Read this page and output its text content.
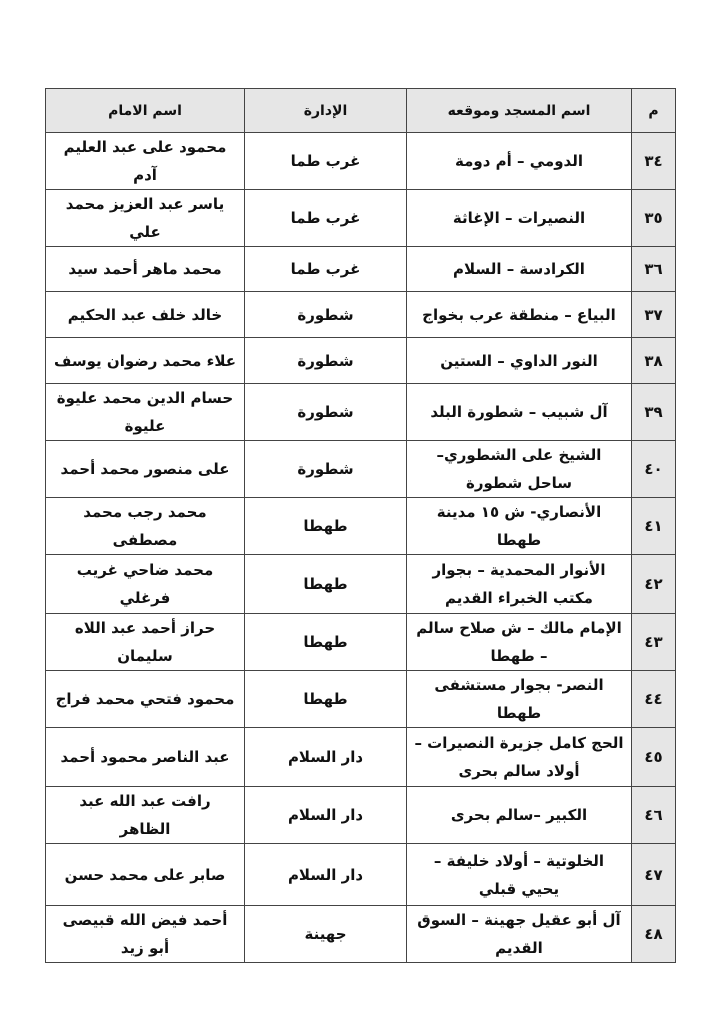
م	اسم المسجد وموقعه	الإدارة	اسم الامام
٣٤	الدومي – أم دومة	غرب طما	محمود على عبد العليم آدم
٣٥	النصيرات – الإغاثة	غرب طما	ياسر عبد العزيز محمد علي
٣٦	الكرادسة – السلام	غرب طما	محمد ماهر أحمد سيد
٣٧	البياع – منطقة عرب بخواج	شطورة	خالد خلف عبد الحكيم
٣٨	النور الداوي – الستين	شطورة	علاء محمد رضوان يوسف
٣٩	آل شبيب – شطورة البلد	شطورة	حسام الدين محمد عليوة عليوة
٤٠	الشيخ على الشطوري– ساحل شطورة	شطورة	على منصور محمد أحمد
٤١	الأنصاري- ش ١٥ مدينة طهطا	طهطا	محمد رجب محمد مصطفى
٤٢	الأنوار المحمدية – بجوار مكتب الخبراء القديم	طهطا	محمد ضاحي غريب فرغلي
٤٣	الإمام مالك – ش صلاح سالم – طهطا	طهطا	حراز أحمد عبد اللاه سليمان
٤٤	النصر- بجوار مستشفى طهطا	طهطا	محمود فتحي محمد فراج
٤٥	الحج كامل جزيرة النصيرات – أولاد سالم بحرى	دار السلام	عبد الناصر محمود أحمد
٤٦	الكبير –سالم بحرى	دار السلام	رافت عبد الله عبد الظاهر
٤٧	الخلوتية – أولاد خليفة – يحيي قبلي	دار السلام	صابر على محمد حسن
٤٨	آل أبو عقيل جهينة – السوق القديم	جهينة	أحمد فيض الله قبيصى أبو زيد
